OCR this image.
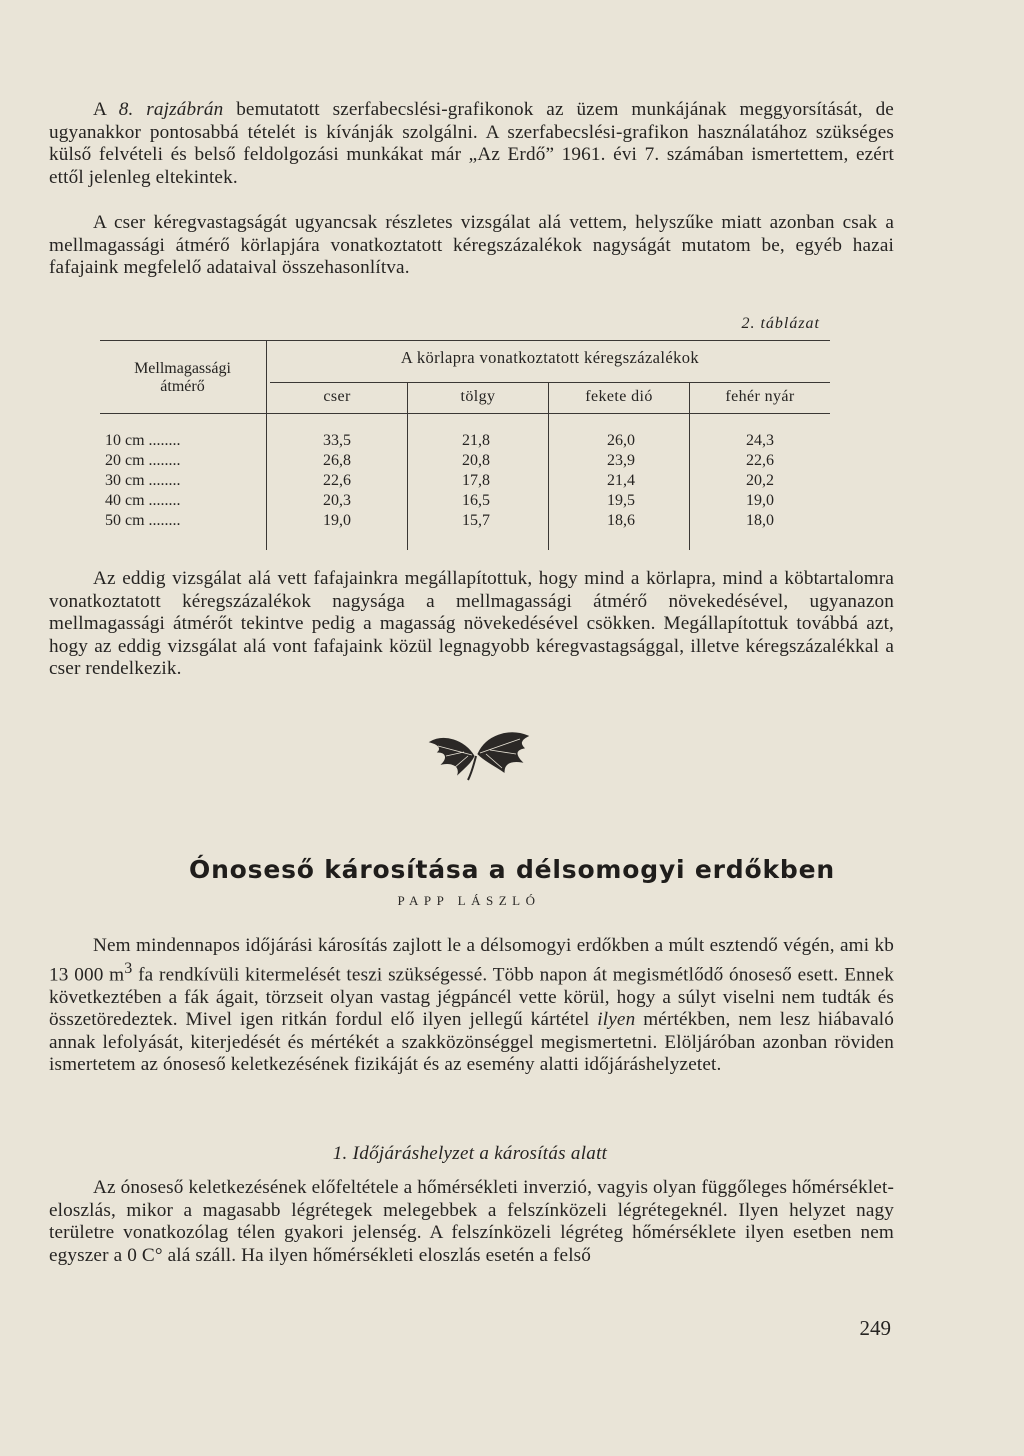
A 8. rajzábrán bemutatott szerfabecslési-grafikonok az üzem munkájának meggyorsítását, de ugyanakkor pontosabbá tételét is kívánják szolgálni. A szerfabecslési-grafikon használatához szükséges külső felvételi és belső feldolgozási munkákat már „Az Erdő” 1961. évi 7. számában ismertettem, ezért ettől jelenleg eltekintek.

A cser kéregvastagságát ugyancsak részletes vizsgálat alá vettem, helyszűke miatt azonban csak a mellmagassági átmérő körlapjára vonatkoztatott kéregszázalékok nagyságát mutatom be, egyéb hazai fafajaink megfelelő adataival összehasonlítva.

2. táblázat
Mellmagassági
átmérő
A körlapra vonatkoztatott kéregszázalékok
cser	tölgy	fekete dió	fehér nyár
10 cm ........	33,5	21,8	26,0	24,3
20 cm ........	26,8	20,8	23,9	22,6
30 cm ........	22,6	17,8	21,4	20,2
40 cm ........	20,3	16,5	19,5	19,0
50 cm ........	19,0	15,7	18,6	18,0

Az eddig vizsgálat alá vett fafajainkra megállapítottuk, hogy mind a körlapra, mind a köbtartalomra vonatkoztatott kéregszázalékok nagysága a mellmagassági átmérő növekedésével, ugyanazon mellmagassági átmérőt tekintve pedig a magasság növekedésével csökken. Megállapítottuk továbbá azt, hogy az eddig vizsgálat alá vont fafajaink közül legnagyobb kéregvastagsággal, illetve kéregszázalékkal a cser rendelkezik.

Ónoseső károsítása a délsomogyi erdőkben
PAPP LÁSZLÓ

Nem mindennapos időjárási károsítás zajlott le a délsomogyi erdőkben a múlt esztendő végén, ami kb 13 000 $m^3$ fa rendkívüli kitermelését teszi szükségessé. Több napon át megismétlődő ónoseső esett. Ennek következtében a fák ágait, törzseit olyan vastag jégpáncél vette körül, hogy a súlyt viselni nem tudták és összetöredeztek. Mivel igen ritkán fordul elő ilyen jellegű kártétel ilyen mértékben, nem lesz hiábavaló annak lefolyását, kiterjedését és mértékét a szakközönséggel megismertetni. Elöljáróban azonban röviden ismertetem az ónoseső keletkezésének fizikáját és az esemény alatti időjáráshelyzetet.

1. Időjáráshelyzet a károsítás alatt

Az ónoseső keletkezésének előfeltétele a hőmérsékleti inverzió, vagyis olyan függőleges hőmérséklet-eloszlás, mikor a magasabb légrétegek melegebbek a felszínközeli légrétegeknél. Ilyen helyzet nagy területre vonatkozólag télen gyakori jelenség. A felszínközeli légréteg hőmérséklete ilyen esetben nem egyszer a 0 C° alá száll. Ha ilyen hőmérsékleti eloszlás esetén a felső

249
